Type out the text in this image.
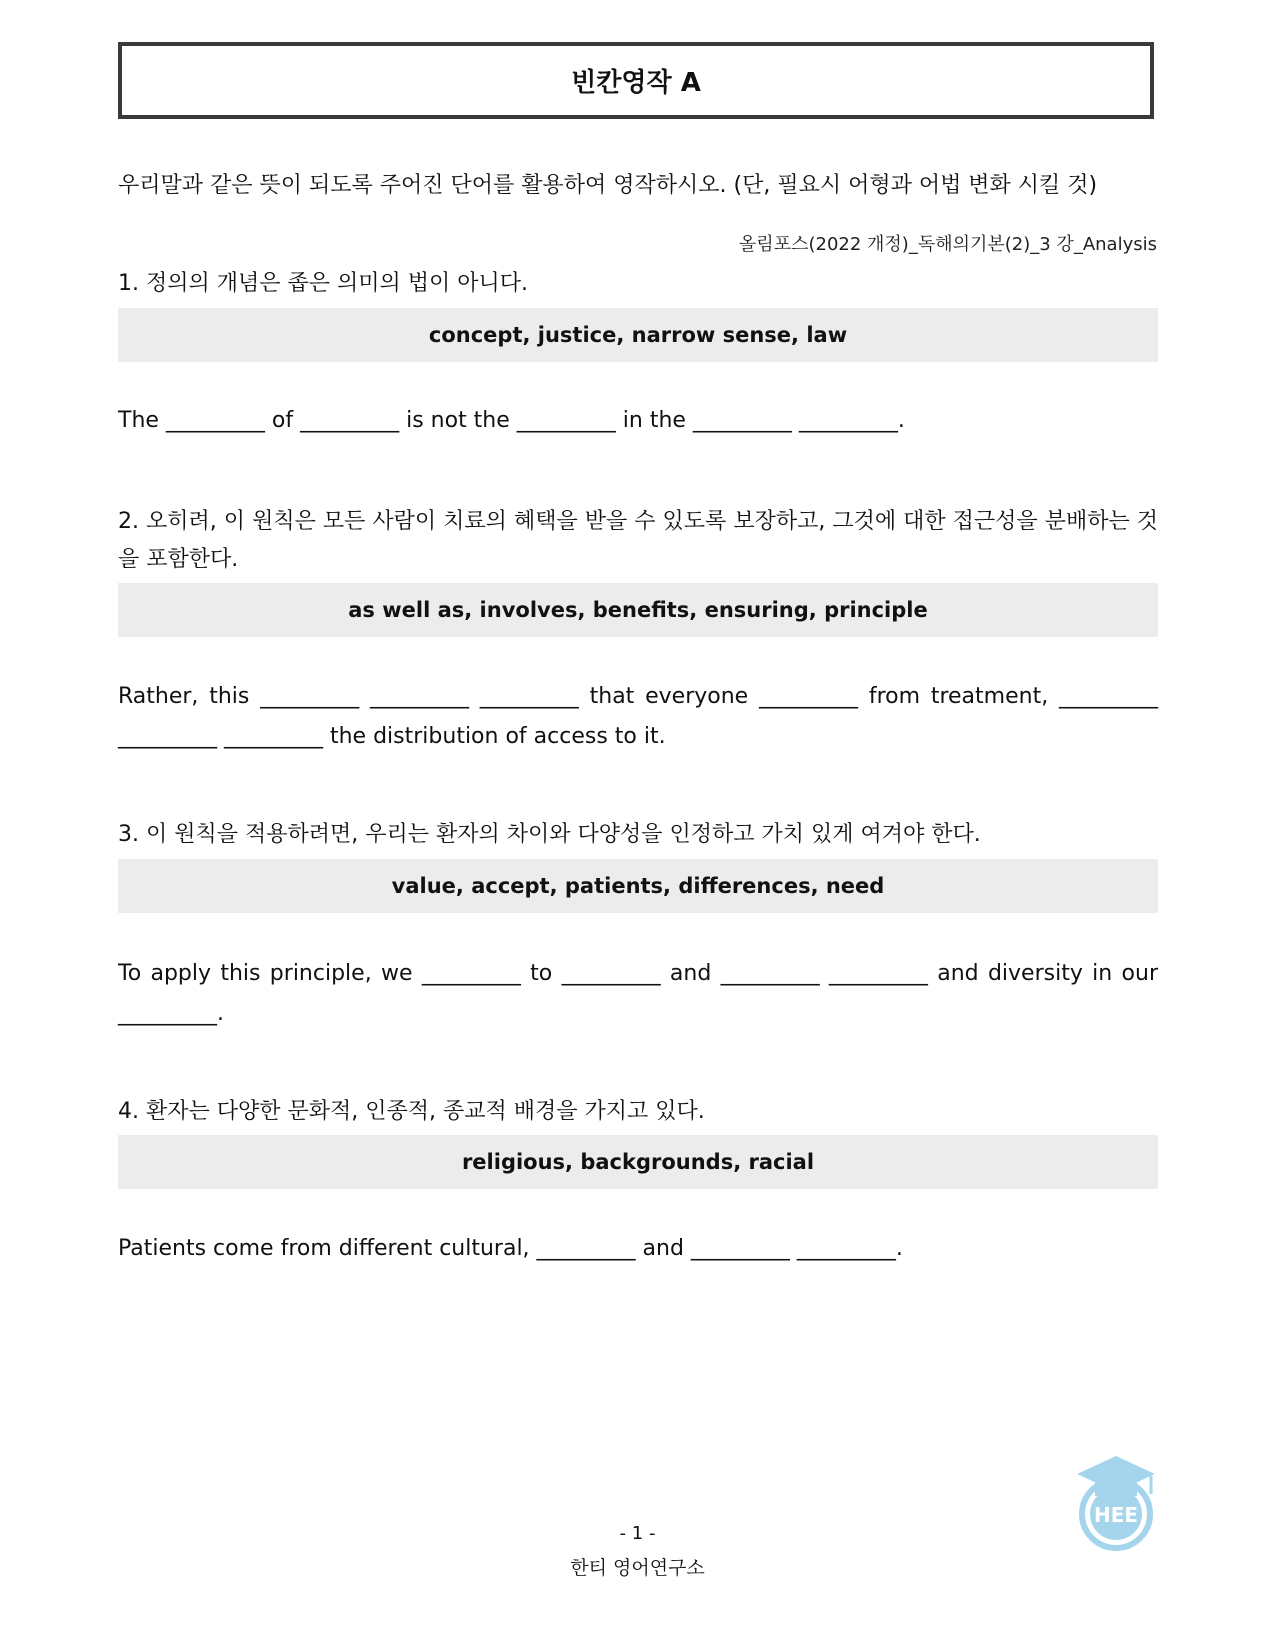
빈칸영작 A
우리말과 같은 뜻이 되도록 주어진 단어를 활용하여 영작하시오. (단, 필요시 어형과 어법 변화 시킬 것)
올림포스(2022 개정)_독해의기본(2)_3 강_Analysis
1. 정의의 개념은 좁은 의미의 법이 아니다.
concept, justice, narrow sense, law
The _________ of _________ is not the _________ in the _________ _________.
2. 오히려, 이 원칙은 모든 사람이 치료의 혜택을 받을 수 있도록 보장하고, 그것에 대한 접근성을 분배하는 것을 포함한다.
as well as, involves, benefits, ensuring, principle
Rather, this _________ _________ _________ that everyone _________ from treatment, _________ _________ _________ the distribution of access to it.
3. 이 원칙을 적용하려면, 우리는 환자의 차이와 다양성을 인정하고 가치 있게 여겨야 한다.
value, accept, patients, differences, need
To apply this principle, we _________ to _________ and _________ _________ and diversity in our _________.
4. 환자는 다양한 문화적, 인종적, 종교적 배경을 가지고 있다.
religious, backgrounds, racial
Patients come from different cultural, _________ and _________ _________.
HEE
- 1 -
한티 영어연구소
